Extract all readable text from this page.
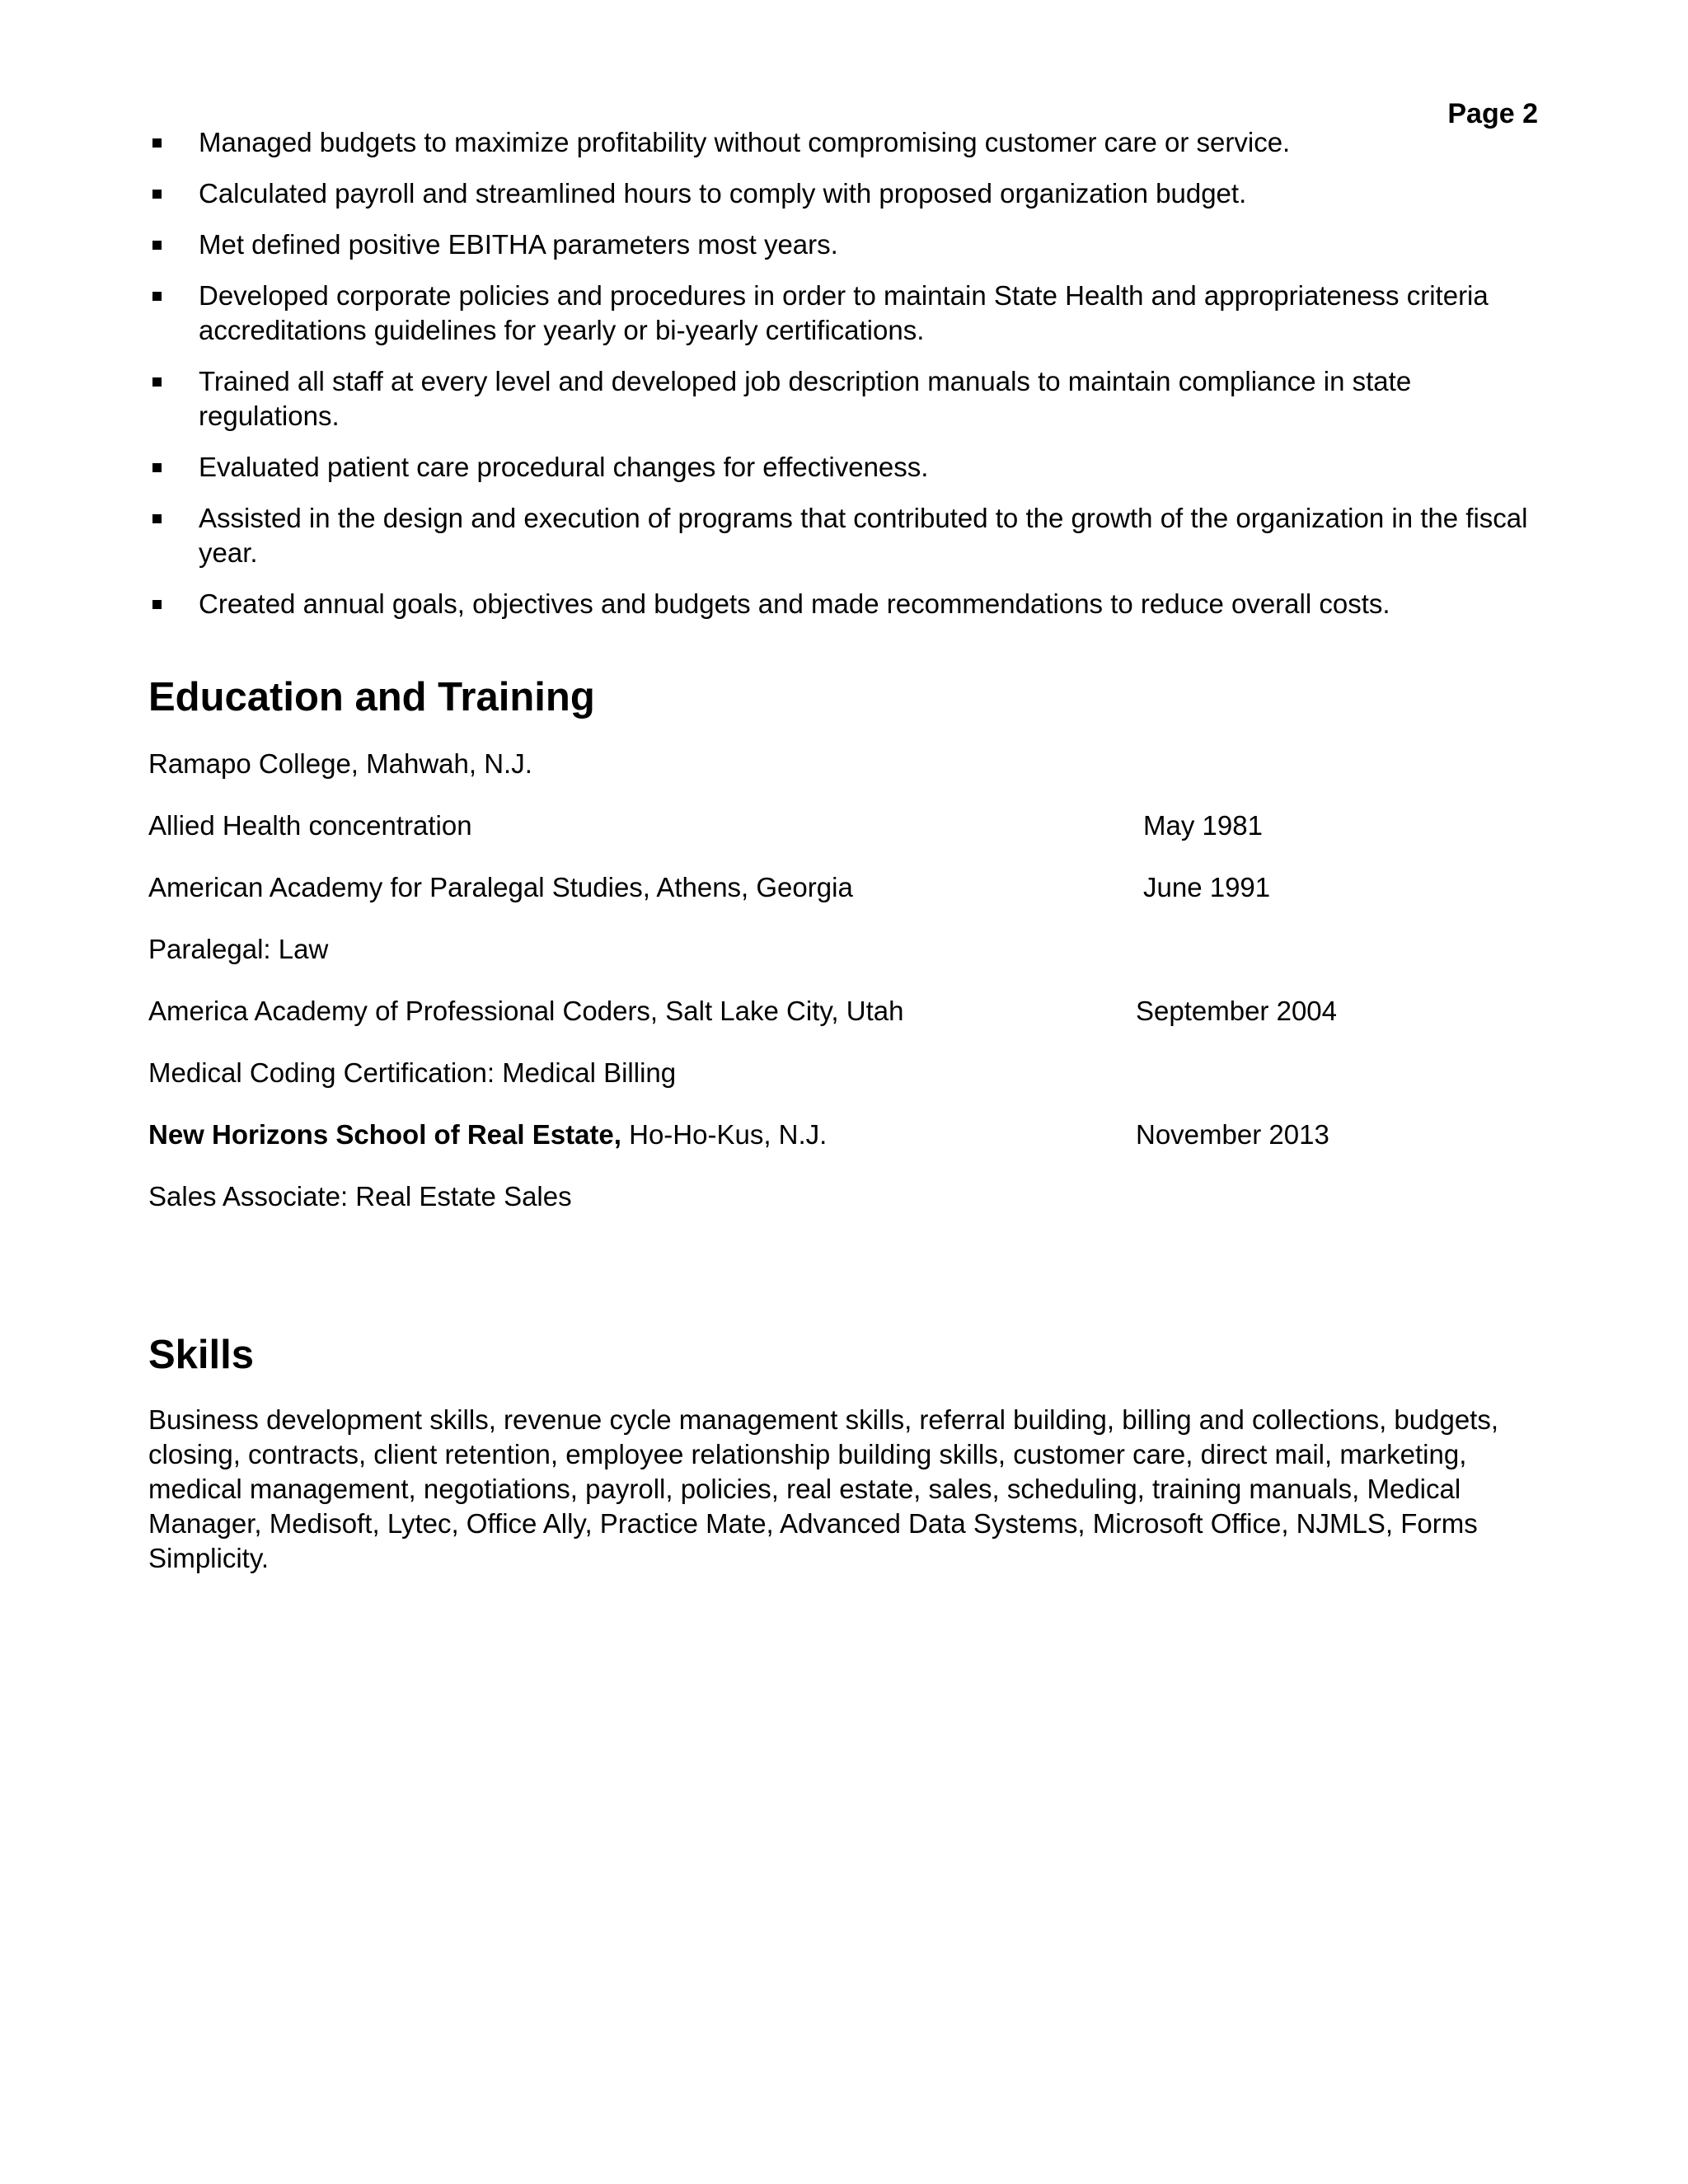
Page 2
Managed budgets to maximize profitability without compromising customer care or service.
Calculated payroll and streamlined hours to comply with proposed organization budget.
Met defined positive EBITHA parameters most years.
Developed corporate policies and procedures in order to maintain State Health and appropriateness criteria accreditations guidelines for yearly or bi-yearly certifications.
Trained all staff at every level and developed job description manuals to maintain compliance in state regulations.
Evaluated patient care procedural changes for effectiveness.
Assisted in the design and execution of programs that contributed to the growth of the organization in the fiscal year.
Created annual goals, objectives and budgets and made recommendations to reduce overall costs.
Education and Training
Ramapo College, Mahwah, N.J.
Allied Health concentration	May 1981
American Academy for Paralegal Studies, Athens, Georgia	June 1991
Paralegal: Law
America Academy of Professional Coders, Salt Lake City, Utah	September 2004
Medical Coding Certification: Medical Billing
New Horizons School of Real Estate, Ho-Ho-Kus, N.J.	November 2013
Sales Associate: Real Estate Sales
Skills

Business development skills, revenue cycle management skills, referral building, billing and collections, budgets, closing, contracts, client retention, employee relationship building skills, customer care, direct mail, marketing, medical management, negotiations, payroll, policies, real estate, sales, scheduling, training manuals, Medical Manager, Medisoft, Lytec, Office Ally, Practice Mate, Advanced Data Systems, Microsoft Office, NJMLS, Forms Simplicity.
